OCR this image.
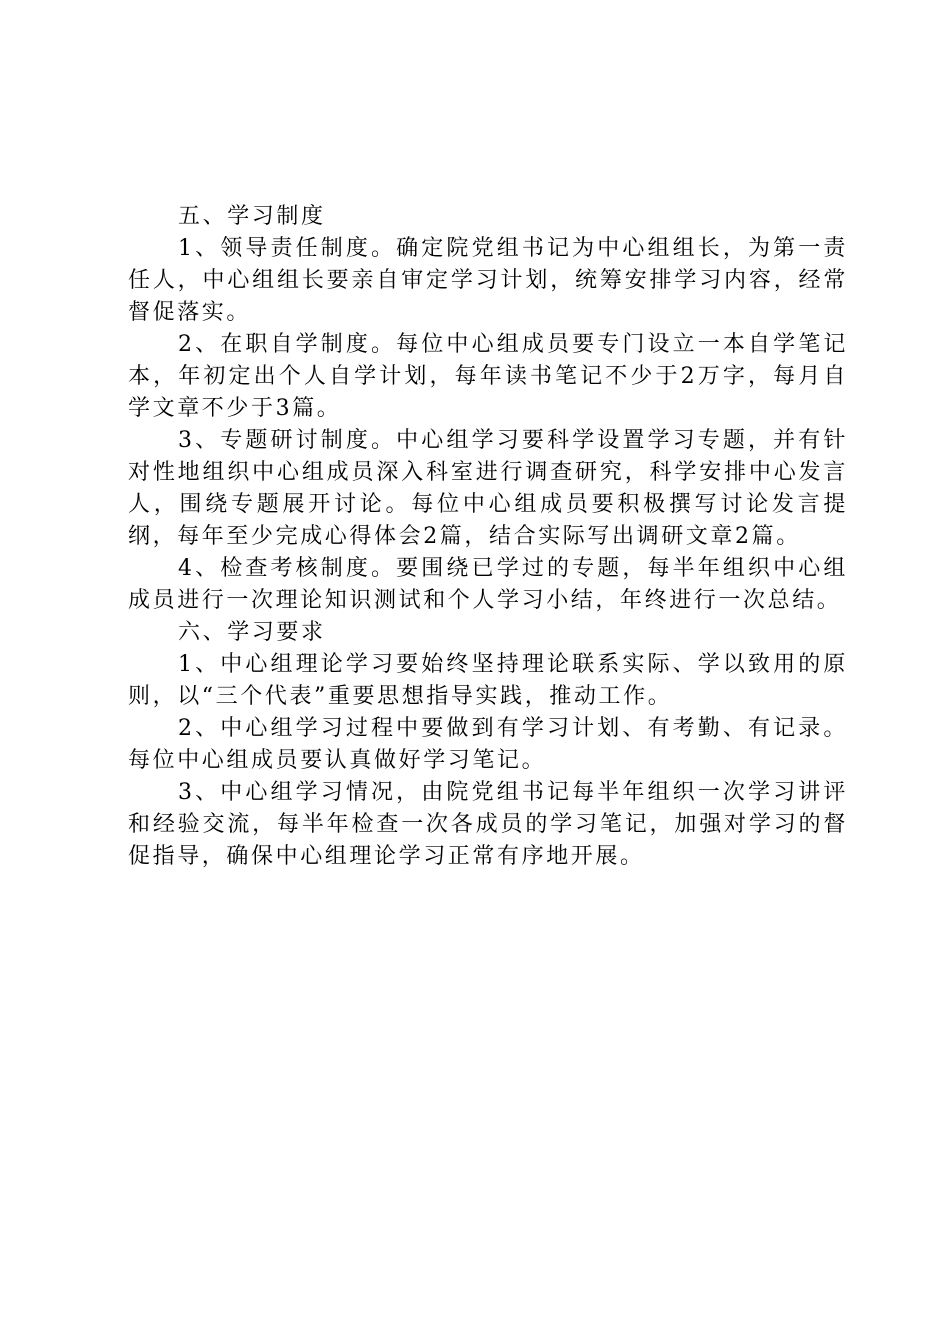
五、学习制度

1、领导责任制度。确定院党组书记为中心组组长，为第一责任人，中心组组长要亲自审定学习计划，统筹安排学习内容，经常督促落实。

2、在职自学制度。每位中心组成员要专门设立一本自学笔记本，年初定出个人自学计划，每年读书笔记不少于2万字，每月自学文章不少于3篇。

3、专题研讨制度。中心组学习要科学设置学习专题，并有针对性地组织中心组成员深入科室进行调查研究，科学安排中心发言人，围绕专题展开讨论。每位中心组成员要积极撰写讨论发言提纲，每年至少完成心得体会2篇，结合实际写出调研文章2篇。

4、检查考核制度。要围绕已学过的专题，每半年组织中心组成员进行一次理论知识测试和个人学习小结，年终进行一次总结。

六、学习要求

1、中心组理论学习要始终坚持理论联系实际、学以致用的原则，以“三个代表”重要思想指导实践，推动工作。

2、中心组学习过程中要做到有学习计划、有考勤、有记录。每位中心组成员要认真做好学习笔记。

3、中心组学习情况，由院党组书记每半年组织一次学习讲评和经验交流，每半年检查一次各成员的学习笔记，加强对学习的督促指导，确保中心组理论学习正常有序地开展。
